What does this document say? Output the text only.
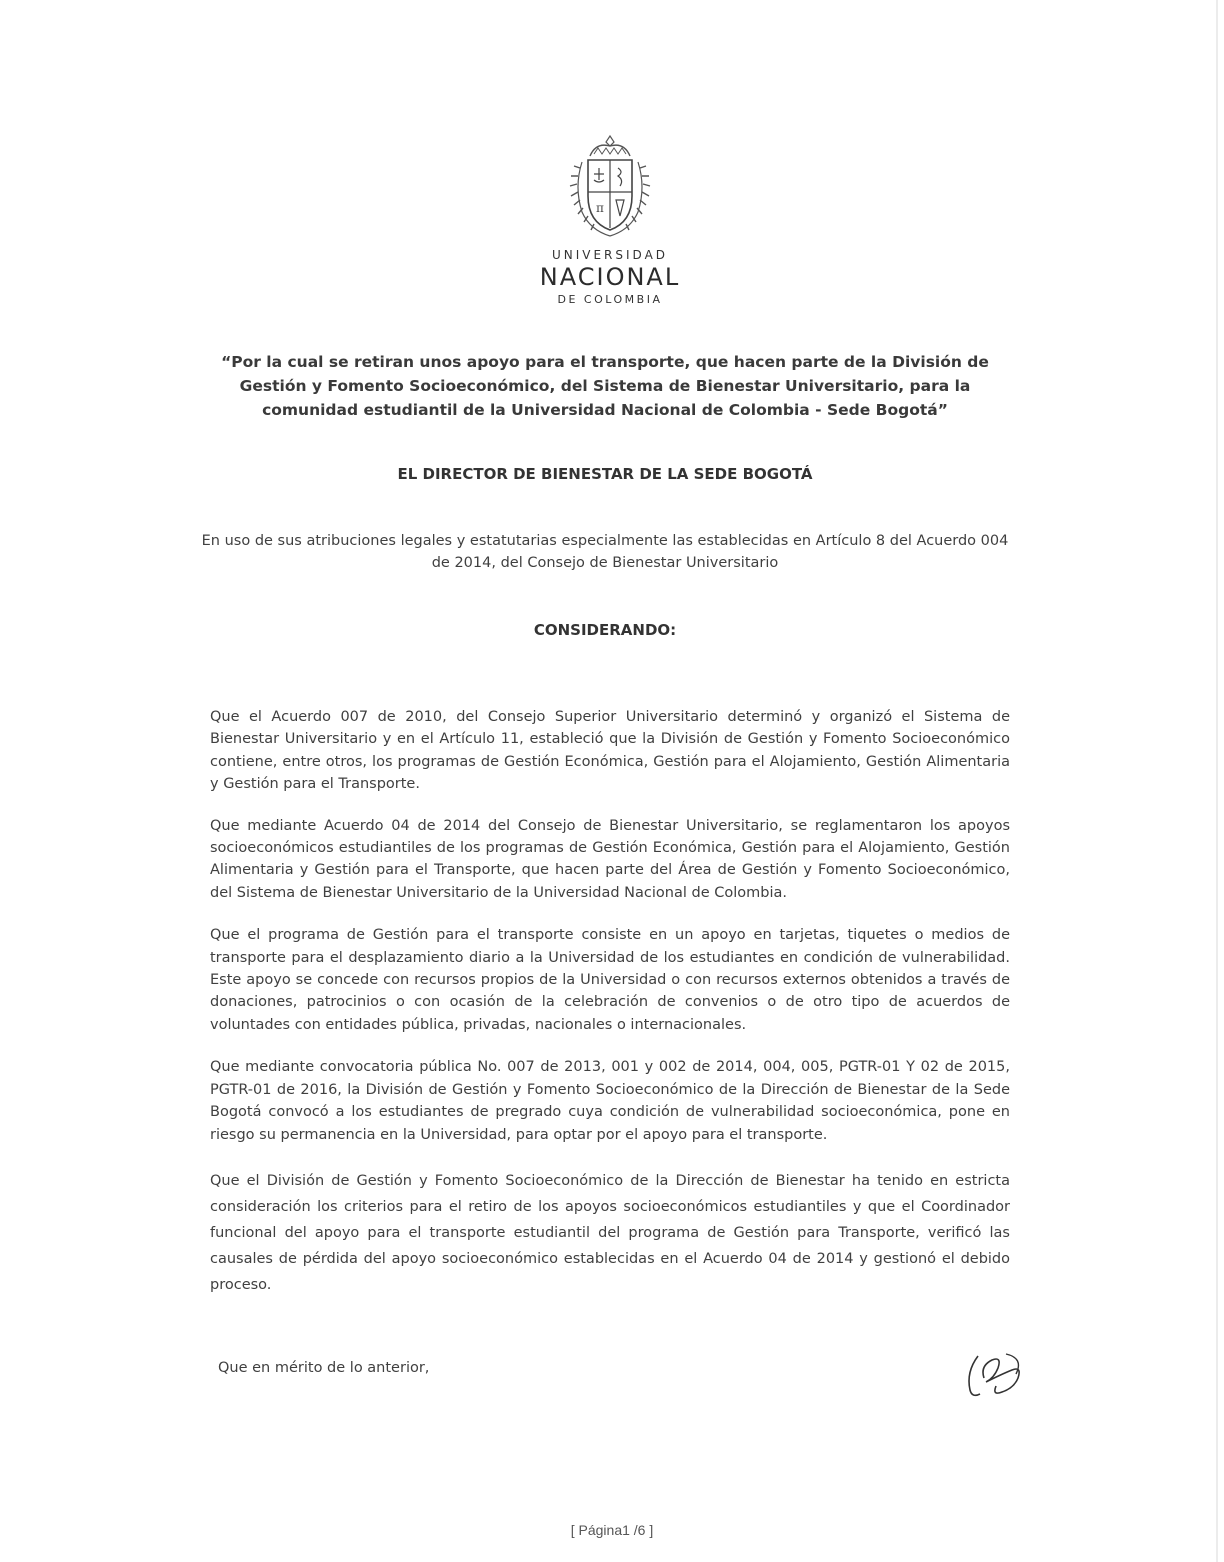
π
UNIVERSIDAD
NACIONAL
DE COLOMBIA
“Por la cual se retiran unos apoyo para el transporte, que hacen parte de la División de Gestión y Fomento Socioeconómico, del Sistema de Bienestar Universitario, para la comunidad estudiantil de la Universidad Nacional de Colombia - Sede Bogotá”
EL DIRECTOR DE BIENESTAR DE LA SEDE BOGOTÁ
En uso de sus atribuciones legales y estatutarias especialmente las establecidas en Artículo 8 del Acuerdo 004 de 2014, del Consejo de Bienestar Universitario
CONSIDERANDO:

Que el Acuerdo 007 de 2010, del Consejo Superior Universitario determinó y organizó el Sistema de Bienestar Universitario y en el Artículo 11, estableció que la División de Gestión y Fomento Socioeconómico contiene, entre otros, los programas de Gestión Económica, Gestión para el Alojamiento, Gestión Alimentaria y Gestión para el Transporte.

Que mediante Acuerdo 04 de 2014 del Consejo de Bienestar Universitario, se reglamentaron los apoyos socioeconómicos estudiantiles de los programas de Gestión Económica, Gestión para el Alojamiento, Gestión Alimentaria y Gestión para el Transporte, que hacen parte del Área de Gestión y Fomento Socioeconómico, del Sistema de Bienestar Universitario de la Universidad Nacional de Colombia.

Que el programa de Gestión para el transporte consiste en un apoyo en tarjetas, tiquetes o medios de transporte para el desplazamiento diario a la Universidad de los estudiantes en condición de vulnerabilidad. Este apoyo se concede con recursos propios de la Universidad o con recursos externos obtenidos a través de donaciones, patrocinios o con ocasión de la celebración de convenios o de otro tipo de acuerdos de voluntades con entidades pública, privadas, nacionales o internacionales.

Que mediante convocatoria pública No. 007 de 2013, 001 y 002 de 2014, 004, 005, PGTR-01 Y 02 de 2015, PGTR-01 de 2016, la División de Gestión y Fomento Socioeconómico de la Dirección de Bienestar de la Sede Bogotá convocó a los estudiantes de pregrado cuya condición de vulnerabilidad socioeconómica, pone en riesgo su permanencia en la Universidad, para optar por el apoyo para el transporte.

Que el División de Gestión y Fomento Socioeconómico de la Dirección de Bienestar ha tenido en estricta consideración los criterios para el retiro de los apoyos socioeconómicos estudiantiles y que el Coordinador funcional del apoyo para el transporte estudiantil del programa de Gestión para Transporte, verificó las causales de pérdida del apoyo socioeconómico establecidas en el Acuerdo 04 de 2014 y gestionó el debido proceso.

Que en mérito de lo anterior,
[ Página1 /6 ]
